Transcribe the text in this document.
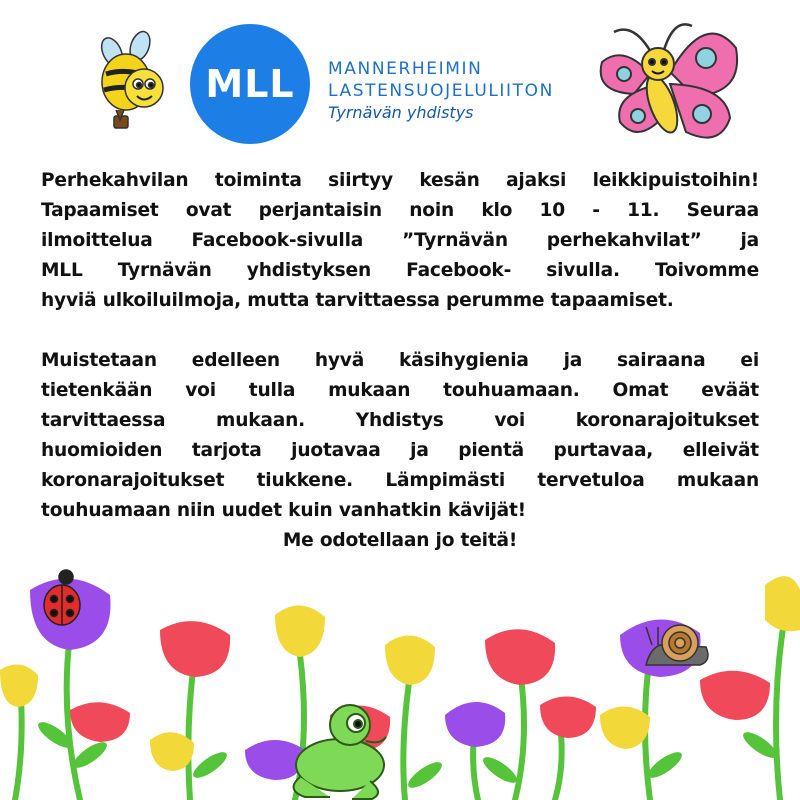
MLL MANNERHEIMIN
LASTENSUOJELULIITON
Tyrnävän yhdistys

Perhekahvilan toiminta siirtyy kesän ajaksi leikkipuistoihin!

Tapaamiset ovat perjantaisin noin klo 10 - 11. Seuraa

ilmoittelua Facebook-sivulla ”Tyrnävän perhekahvilat” ja

MLL Tyrnävän yhdistyksen Facebook- sivulla. Toivomme

hyviä ulkoiluilmoja, mutta tarvittaessa perumme tapaamiset.

Muistetaan edelleen hyvä käsihygienia ja sairaana ei

tietenkään voi tulla mukaan touhuamaan. Omat eväät

tarvittaessa mukaan. Yhdistys voi koronarajoitukset

huomioiden tarjota juotavaa ja pientä purtavaa, elleivät

koronarajoitukset tiukkene. Lämpimästi tervetuloa mukaan

touhuamaan niin uudet kuin vanhatkin kävijät!

Me odotellaan jo teitä!
